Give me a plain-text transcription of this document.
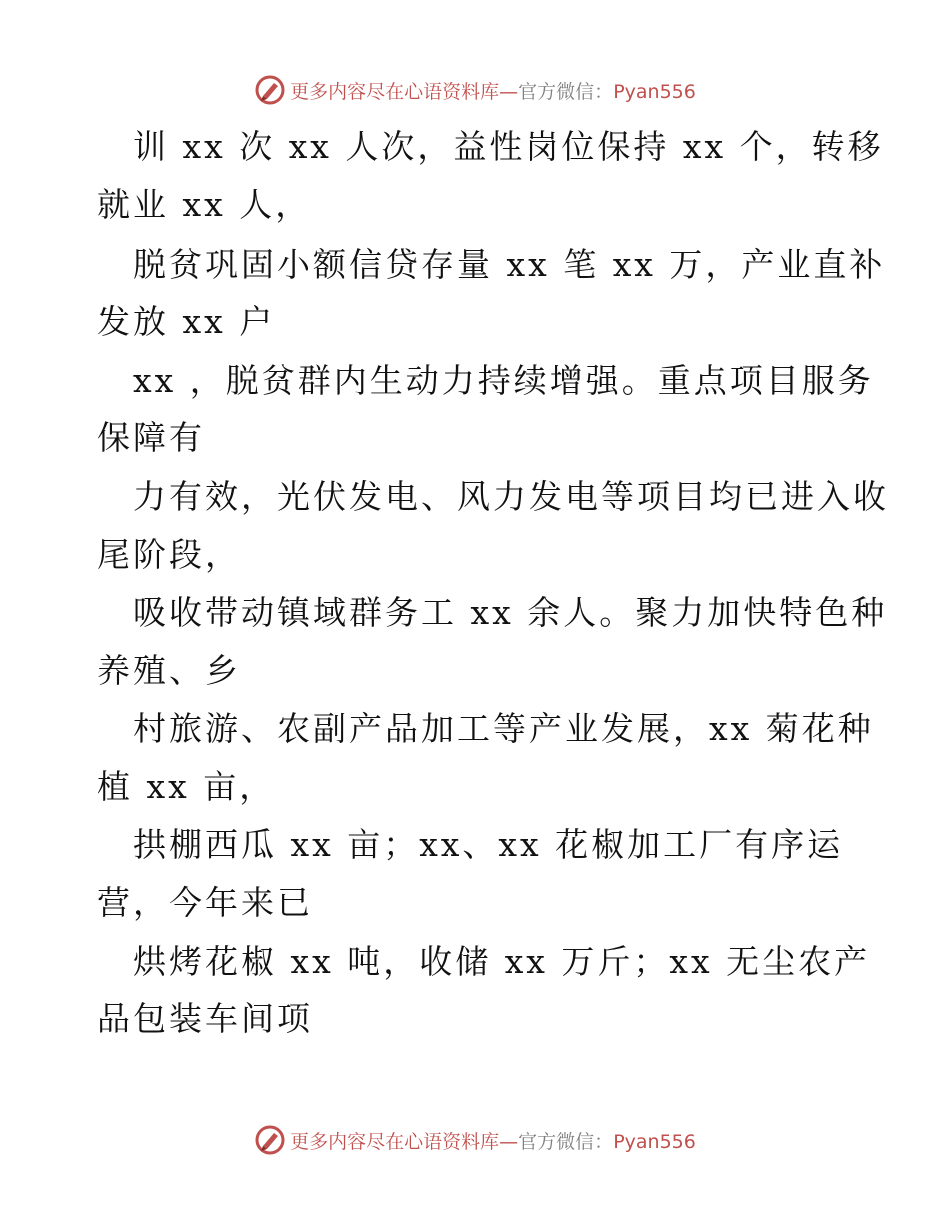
更多内容尽在心语资料库—官方微信：Pyan556
训 xx 次 xx 人次，益性岗位保持 xx 个，转移
就业 xx 人，
脱贫巩固小额信贷存量 xx 笔 xx 万，产业直补
发放 xx 户
xx ，脱贫群内生动力持续增强。重点项目服务
保障有
力有效，光伏发电、风力发电等项目均已进入收
尾阶段，
吸收带动镇域群务工 xx 余人。聚力加快特色种
养殖、乡
村旅游、农副产品加工等产业发展，xx 菊花种
植 xx 亩，
拱棚西瓜 xx 亩；xx、xx 花椒加工厂有序运
营，今年来已
烘烤花椒 xx 吨，收储 xx 万斤；xx 无尘农产
品包装车间项
更多内容尽在心语资料库—官方微信：Pyan556
